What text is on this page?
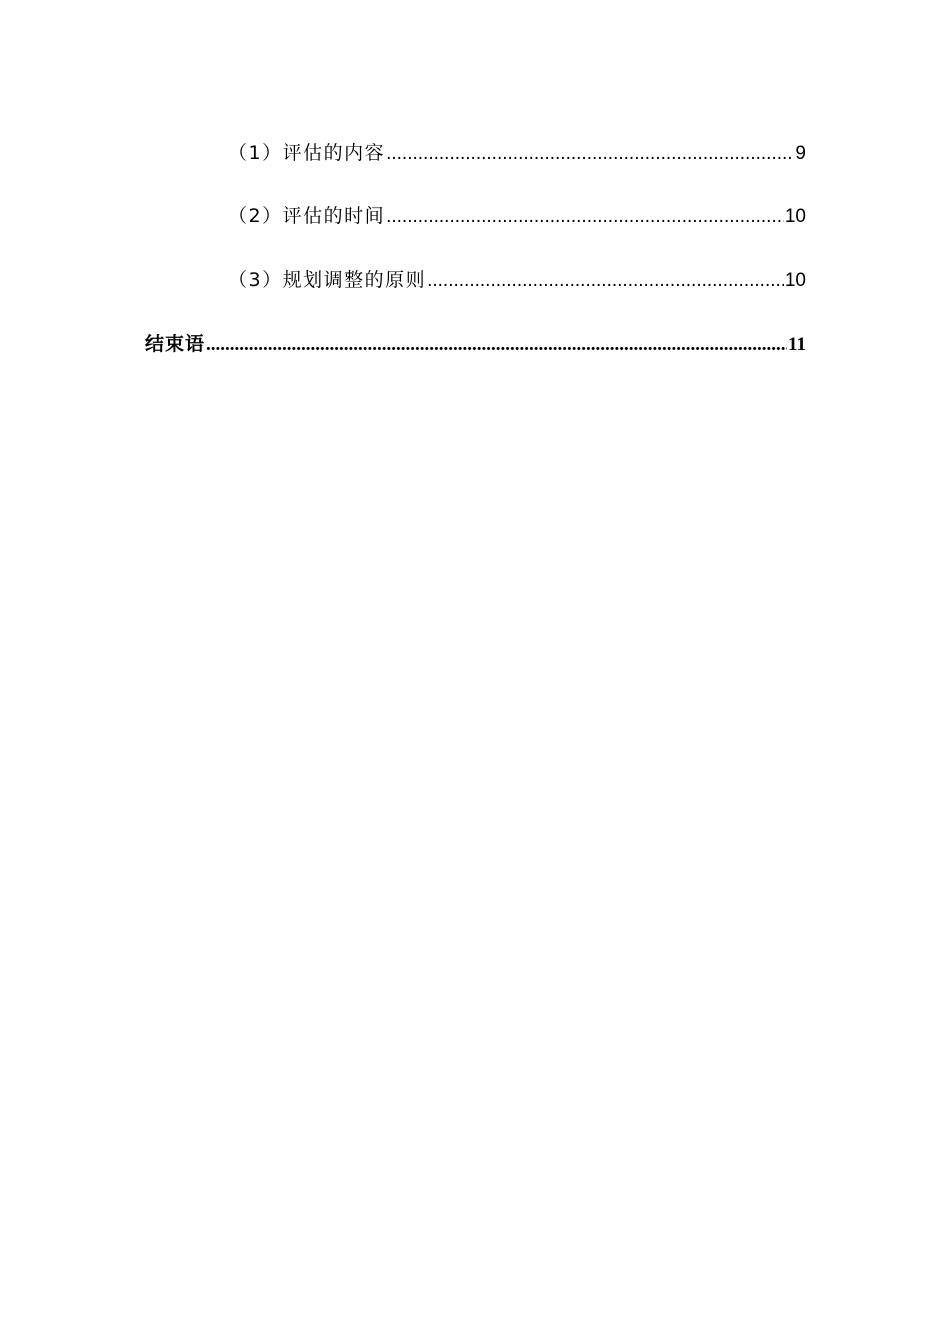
（1）评估的内容 .....	9
（2）评估的时间 .....	10
（3）规划调整的原则 .....	10
结束语 .....	11
